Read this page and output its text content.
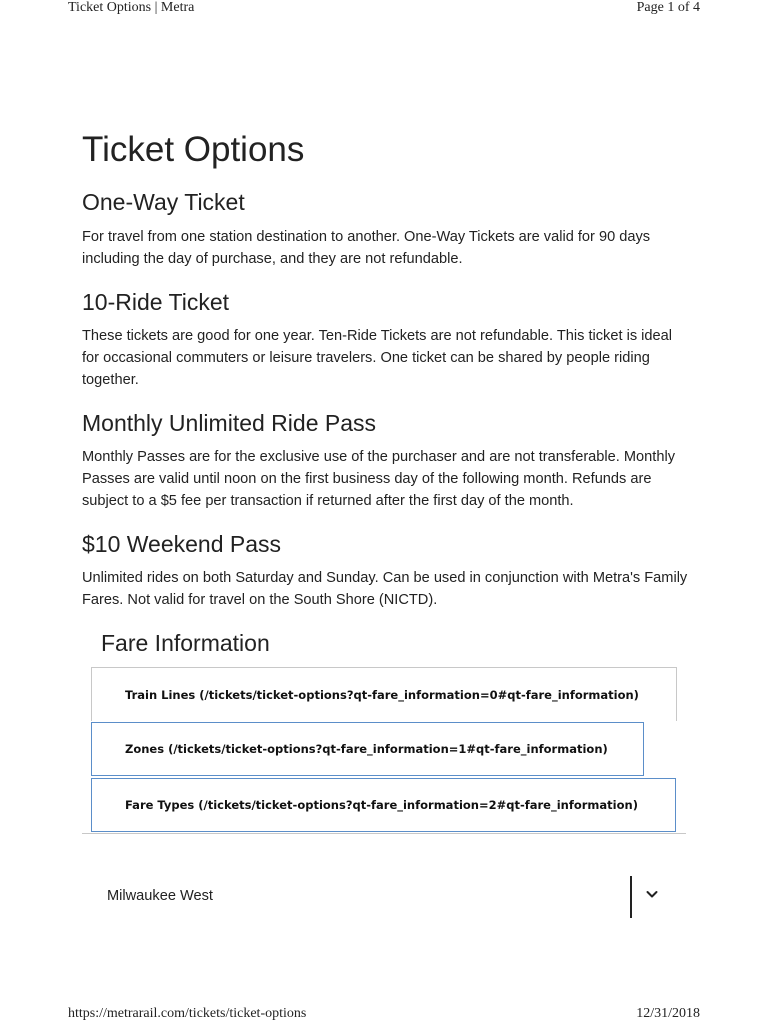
Ticket Options | Metra	Page 1 of 4
Ticket Options
One-Way Ticket

For travel from one station destination to another. One-Way Tickets are valid for 90 days including the day of purchase, and they are not refundable.

10-Ride Ticket

These tickets are good for one year. Ten-Ride Tickets are not refundable. This ticket is ideal for occasional commuters or leisure travelers. One ticket can be shared by people riding together.

Monthly Unlimited Ride Pass

Monthly Passes are for the exclusive use of the purchaser and are not transferable. Monthly Passes are valid until noon on the first business day of the following month. Refunds are subject to a $5 fee per transaction if returned after the first day of the month.

$10 Weekend Pass

Unlimited rides on both Saturday and Sunday. Can be used in conjunction with Metra's Family Fares. Not valid for travel on the South Shore (NICTD).

Fare Information
Train Lines (/tickets/ticket-options?qt-fare_information=0#qt-fare_information)
Zones (/tickets/ticket-options?qt-fare_information=1#qt-fare_information)
Fare Types (/tickets/ticket-options?qt-fare_information=2#qt-fare_information)
Milwaukee West
https://metrarail.com/tickets/ticket-options	12/31/2018
